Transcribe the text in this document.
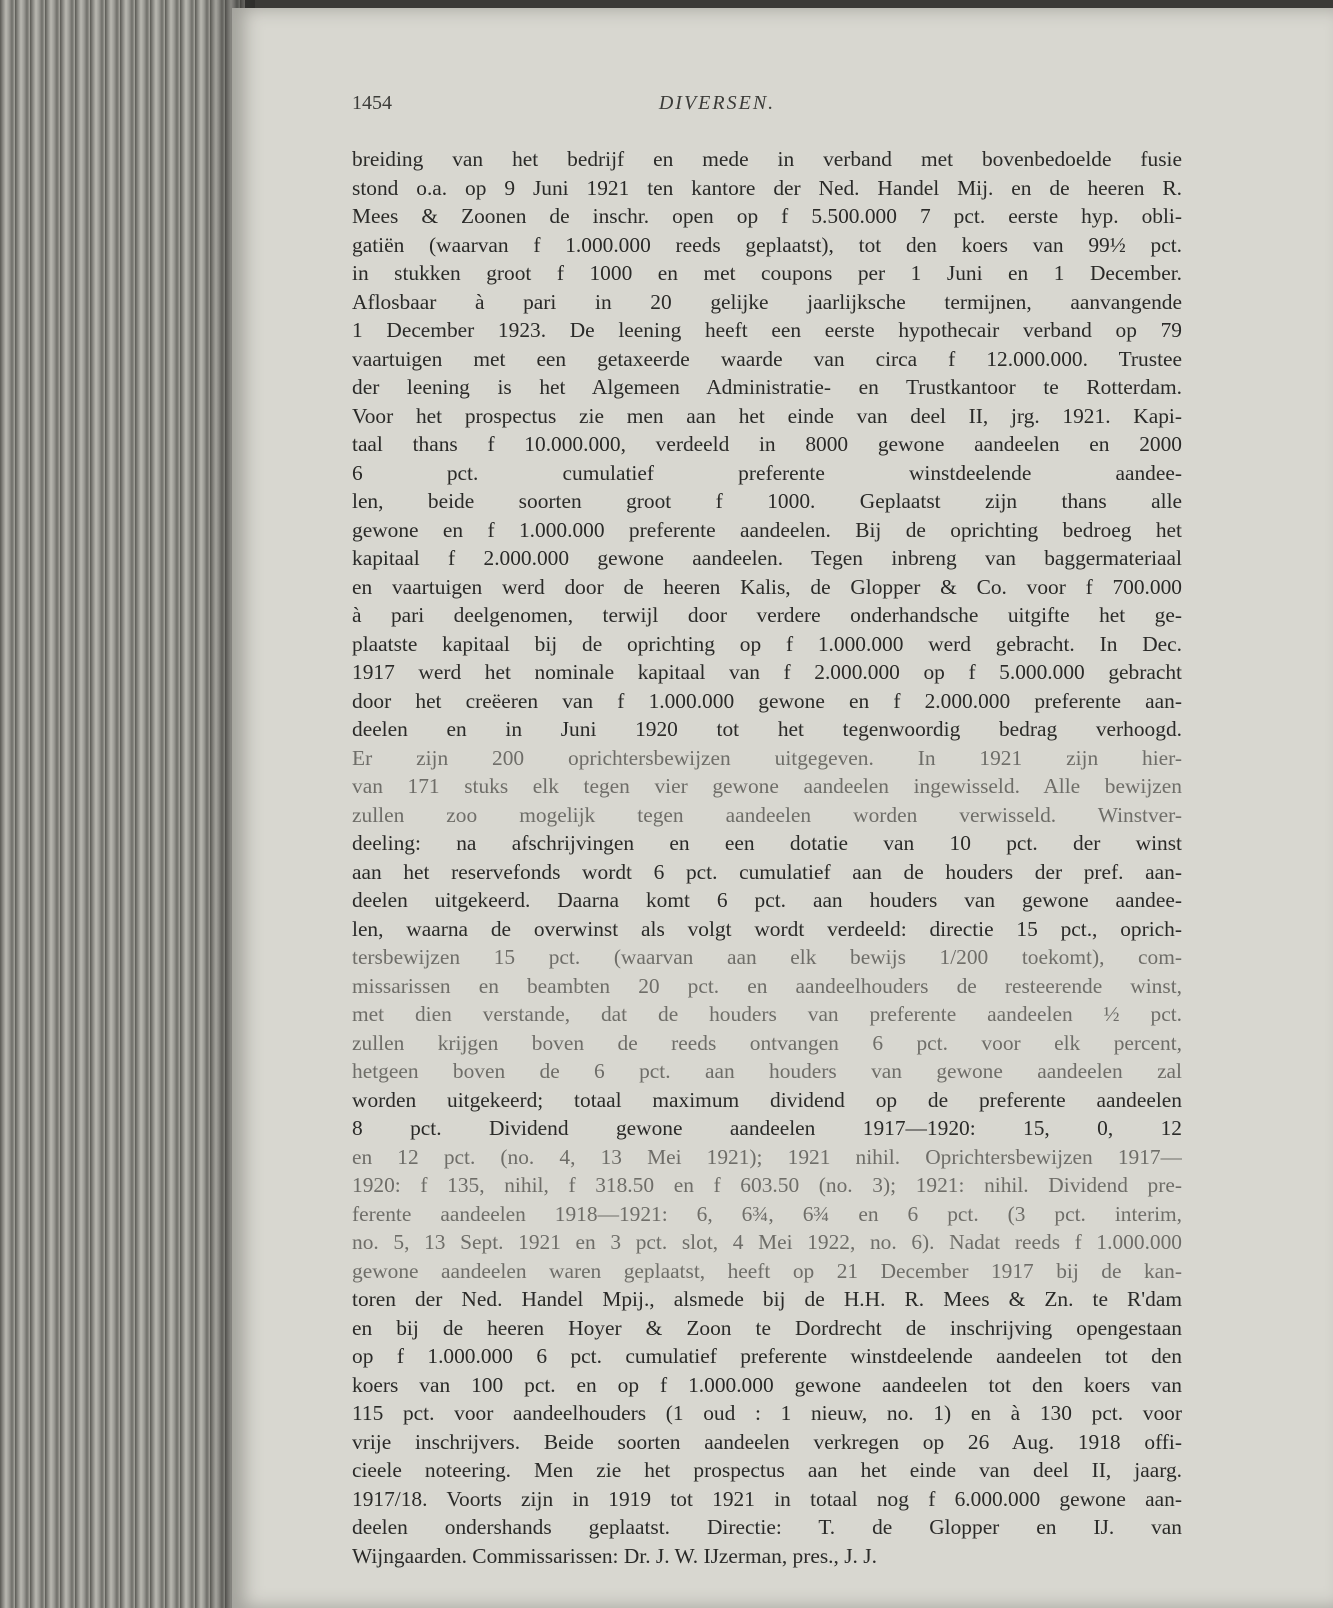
1454	DIVERSEN.
breiding van het bedrijf en mede in verband met bovenbedoelde fusie
stond o.a. op 9 Juni 1921 ten kantore der Ned. Handel Mij. en de heeren R.
Mees & Zoonen de inschr. open op f 5.500.000 7 pct. eerste hyp. obli-
gatiën (waarvan f 1.000.000 reeds geplaatst), tot den koers van 99½ pct.
in stukken groot f 1000 en met coupons per 1 Juni en 1 December.
Aflosbaar à pari in 20 gelijke jaarlijksche termijnen, aanvangende
1 December 1923. De leening heeft een eerste hypothecair verband op 79
vaartuigen met een getaxeerde waarde van circa f 12.000.000. Trustee
der leening is het Algemeen Administratie- en Trustkantoor te Rotterdam.
Voor het prospectus zie men aan het einde van deel II, jrg. 1921. Kapi-
taal thans f 10.000.000, verdeeld in 8000 gewone aandeelen en 2000
6 pct. cumulatief preferente winstdeelende aandee-
len, beide soorten groot f 1000. Geplaatst zijn thans alle
gewone en f 1.000.000 preferente aandeelen. Bij de oprichting bedroeg het
kapitaal f 2.000.000 gewone aandeelen. Tegen inbreng van baggermateriaal
en vaartuigen werd door de heeren Kalis, de Glopper & Co. voor f 700.000
à pari deelgenomen, terwijl door verdere onderhandsche uitgifte het ge-
plaatste kapitaal bij de oprichting op f 1.000.000 werd gebracht. In Dec.
1917 werd het nominale kapitaal van f 2.000.000 op f 5.000.000 gebracht
door het creëeren van f 1.000.000 gewone en f 2.000.000 preferente aan-
deelen en in Juni 1920 tot het tegenwoordig bedrag verhoogd.
Er zijn 200 oprichtersbewijzen uitgegeven. In 1921 zijn hier-
van 171 stuks elk tegen vier gewone aandeelen ingewisseld. Alle bewijzen
zullen zoo mogelijk tegen aandeelen worden verwisseld. Winstver-
deeling: na afschrijvingen en een dotatie van 10 pct. der winst
aan het reservefonds wordt 6 pct. cumulatief aan de houders der pref. aan-
deelen uitgekeerd. Daarna komt 6 pct. aan houders van gewone aandee-
len, waarna de overwinst als volgt wordt verdeeld: directie 15 pct., oprich-
tersbewijzen 15 pct. (waarvan aan elk bewijs 1/200 toekomt), com-
missarissen en beambten 20 pct. en aandeelhouders de resteerende winst,
met dien verstande, dat de houders van preferente aandeelen ½ pct.
zullen krijgen boven de reeds ontvangen 6 pct. voor elk percent,
hetgeen boven de 6 pct. aan houders van gewone aandeelen zal
worden uitgekeerd; totaal maximum dividend op de preferente aandeelen
8 pct. Dividend gewone aandeelen 1917—1920: 15, 0, 12
en 12 pct. (no. 4, 13 Mei 1921); 1921 nihil. Oprichtersbewijzen 1917—
1920: f 135, nihil, f 318.50 en f 603.50 (no. 3); 1921: nihil. Dividend pre-
ferente aandeelen 1918—1921: 6, 6¾, 6¾ en 6 pct. (3 pct. interim,
no. 5, 13 Sept. 1921 en 3 pct. slot, 4 Mei 1922, no. 6). Nadat reeds f 1.000.000
gewone aandeelen waren geplaatst, heeft op 21 December 1917 bij de kan-
toren der Ned. Handel Mpij., alsmede bij de H.H. R. Mees & Zn. te R'dam
en bij de heeren Hoyer & Zoon te Dordrecht de inschrijving opengestaan
op f 1.000.000 6 pct. cumulatief preferente winstdeelende aandeelen tot den
koers van 100 pct. en op f 1.000.000 gewone aandeelen tot den koers van
115 pct. voor aandeelhouders (1 oud : 1 nieuw, no. 1) en à 130 pct. voor
vrije inschrijvers. Beide soorten aandeelen verkregen op 26 Aug. 1918 offi-
cieele noteering. Men zie het prospectus aan het einde van deel II, jaarg.
1917/18. Voorts zijn in 1919 tot 1921 in totaal nog f 6.000.000 gewone aan-
deelen ondershands geplaatst. Directie: T. de Glopper en IJ. van
Wijngaarden. Commissarissen: Dr. J. W. IJzerman, pres., J. J.
